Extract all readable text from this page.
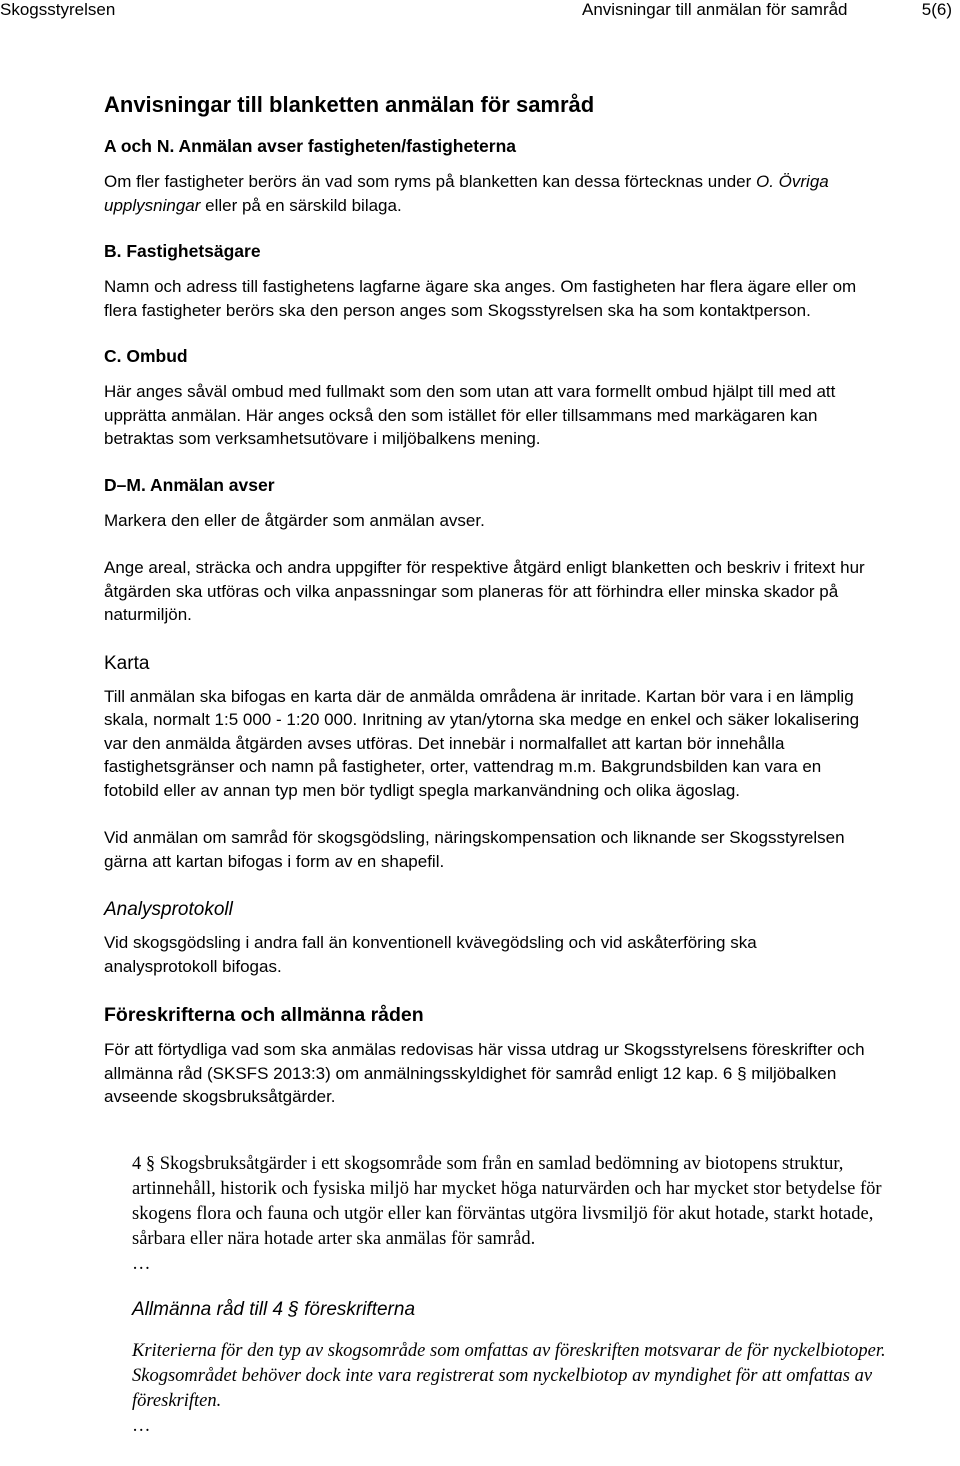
Skogsstyrelsen	Anvisningar till anmälan för samråd	5(6)
Anvisningar till blanketten anmälan för samråd
A och N. Anmälan avser fastigheten/fastigheterna

Om fler fastigheter berörs än vad som ryms på blanketten kan dessa förtecknas under O. Övriga upplysningar eller på en särskild bilaga.

B. Fastighetsägare

Namn och adress till fastighetens lagfarne ägare ska anges. Om fastigheten har flera ägare eller om flera fastigheter berörs ska den person anges som Skogsstyrelsen ska ha som kontaktperson.

C. Ombud

Här anges såväl ombud med fullmakt som den som utan att vara formellt ombud hjälpt till med att upprätta anmälan. Här anges också den som istället för eller tillsammans med markägaren kan betraktas som verksamhetsutövare i miljöbalkens mening.

D–M. Anmälan avser

Markera den eller de åtgärder som anmälan avser.

Ange areal, sträcka och andra uppgifter för respektive åtgärd enligt blanketten och beskriv i fritext hur åtgärden ska utföras och vilka anpassningar som planeras för att förhindra eller minska skador på naturmiljön.

Karta

Till anmälan ska bifogas en karta där de anmälda områdena är inritade. Kartan bör vara i en lämplig skala, normalt 1:5 000 - 1:20 000. Inritning av ytan/ytorna ska medge en enkel och säker lokalisering var den anmälda åtgärden avses utföras. Det innebär i normalfallet att kartan bör innehålla fastighetsgränser och namn på fastigheter, orter, vattendrag m.m. Bakgrundsbilden kan vara en fotobild eller av annan typ men bör tydligt spegla markanvändning och olika ägoslag.

Vid anmälan om samråd för skogsgödsling, näringskompensation och liknande ser Skogsstyrelsen gärna att kartan bifogas i form av en shapefil.

Analysprotokoll

Vid skogsgödsling i andra fall än konventionell kvävegödsling och vid askåterföring ska analysprotokoll bifogas.

Föreskrifterna och allmänna råden

För att förtydliga vad som ska anmälas redovisas här vissa utdrag ur Skogsstyrelsens föreskrifter och allmänna råd (SKSFS 2013:3) om anmälningsskyldighet för samråd enligt 12 kap. 6 § miljöbalken avseende skogsbruksåtgärder.

4 § Skogsbruksåtgärder i ett skogsområde som från en samlad bedömning av biotopens struktur, artinnehåll, historik och fysiska miljö har mycket höga naturvärden och har mycket stor betydelse för skogens flora och fauna och utgör eller kan förväntas utgöra livsmiljö för akut hotade, starkt hotade, sårbara eller nära hotade arter ska anmälas för samråd.

…

Allmänna råd till 4 § föreskrifterna

Kriterierna för den typ av skogsområde som omfattas av föreskriften motsvarar de för nyckelbiotoper. Skogsområdet behöver dock inte vara registrerat som nyckelbiotop av myndighet för att omfattas av föreskriften.

…
